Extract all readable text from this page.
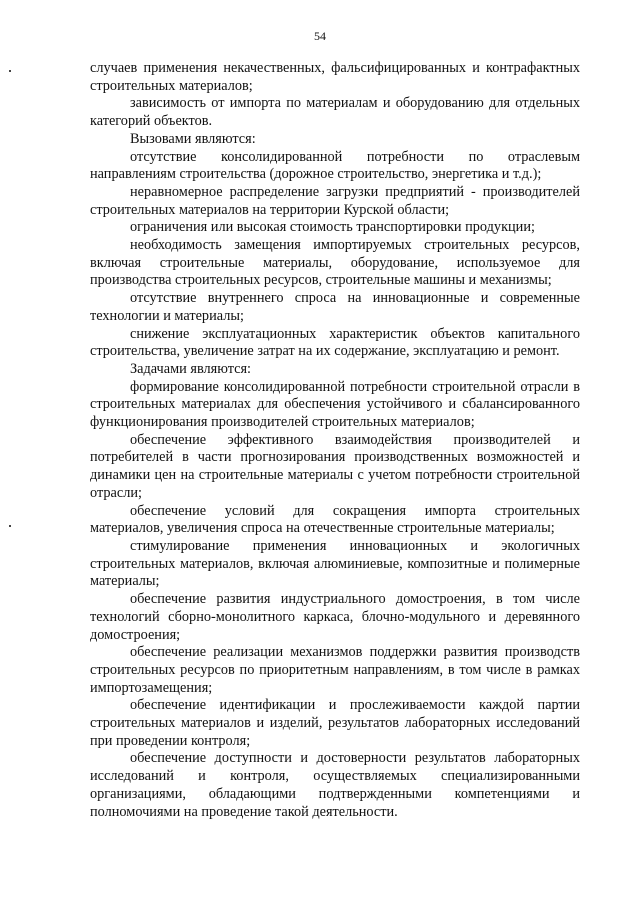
54

случаев применения некачественных, фальсифицированных и контрафактных строительных материалов;

зависимость от импорта по материалам и оборудованию для отдельных категорий объектов.

Вызовами являются:

отсутствие консолидированной потребности по отраслевым направлениям строительства (дорожное строительство, энергетика и т.д.);

неравномерное распределение загрузки предприятий - производителей строительных материалов на территории Курской области;

ограничения или высокая стоимость транспортировки продукции;

необходимость замещения импортируемых строительных ресурсов, включая строительные материалы, оборудование, используемое для производства строительных ресурсов, строительные машины и механизмы;

отсутствие внутреннего спроса на инновационные и современные технологии и материалы;

снижение эксплуатационных характеристик объектов капитального строительства, увеличение затрат на их содержание, эксплуатацию и ремонт.

Задачами являются:

формирование консолидированной потребности строительной отрасли в строительных материалах для обеспечения устойчивого и сбалансированного функционирования производителей строительных материалов;

обеспечение эффективного взаимодействия производителей и потребителей в части прогнозирования производственных возможностей и динамики цен на строительные материалы с учетом потребности строительной отрасли;

обеспечение условий для сокращения импорта строительных материалов, увеличения спроса на отечественные строительные материалы;

стимулирование применения инновационных и экологичных строительных материалов, включая алюминиевые, композитные и полимерные материалы;

обеспечение развития индустриального домостроения, в том числе технологий сборно-монолитного каркаса, блочно-модульного и деревянного домостроения;

обеспечение реализации механизмов поддержки развития производств строительных ресурсов по приоритетным направлениям, в том числе в рамках импортозамещения;

обеспечение идентификации и прослеживаемости каждой партии строительных материалов и изделий, результатов лабораторных исследований при проведении контроля;

обеспечение доступности и достоверности результатов лабораторных исследований и контроля, осуществляемых специализированными организациями, обладающими подтвержденными компетенциями и полномочиями на проведение такой деятельности.
